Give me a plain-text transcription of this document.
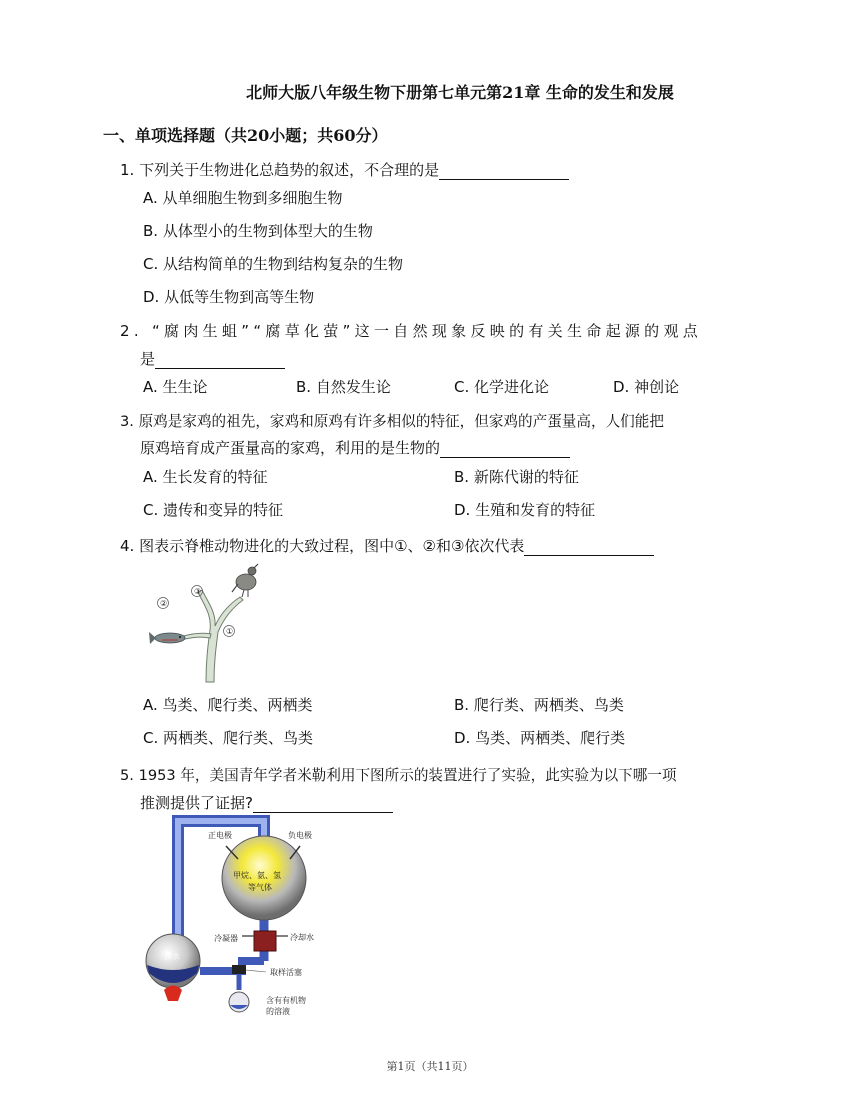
北师大版八年级生物下册第七单元第21章 生命的发生和发展
一、单项选择题（共20小题；共60分）
1. 下列关于生物进化总趋势的叙述，不合理的是
A. 从单细胞生物到多细胞生物
B. 从体型小的生物到体型大的生物
C. 从结构简单的生物到结构复杂的生物
D. 从低等生物到高等生物
2. “腐肉生蛆”“腐草化萤”这一自然现象反映的有关生命起源的观点
是
A. 生生论	B. 自然发生论	C. 化学进化论	D. 神创论
3. 原鸡是家鸡的祖先，家鸡和原鸡有许多相似的特征，但家鸡的产蛋量高，人们能把
原鸡培育成产蛋量高的家鸡，利用的是生物的
A. 生长发育的特征	B. 新陈代谢的特征
C. 遗传和变异的特征	D. 生殖和发育的特征
4. 图表示脊椎动物进化的大致过程，图中①、②和③依次代表
②
③
①
A. 鸟类、爬行类、两栖类	B. 爬行类、两栖类、鸟类
C. 两栖类、爬行类、鸟类	D. 鸟类、两栖类、爬行类
5. 1953 年，美国青年学者米勒利用下图所示的装置进行了实验，此实验为以下哪一项
推测提供了证据?
正电极	负电极
甲烷、氨、氢
等气体
冷凝器	冷却水
沸水
取样活塞
含有有机物
的溶液
第1页（共11页）
